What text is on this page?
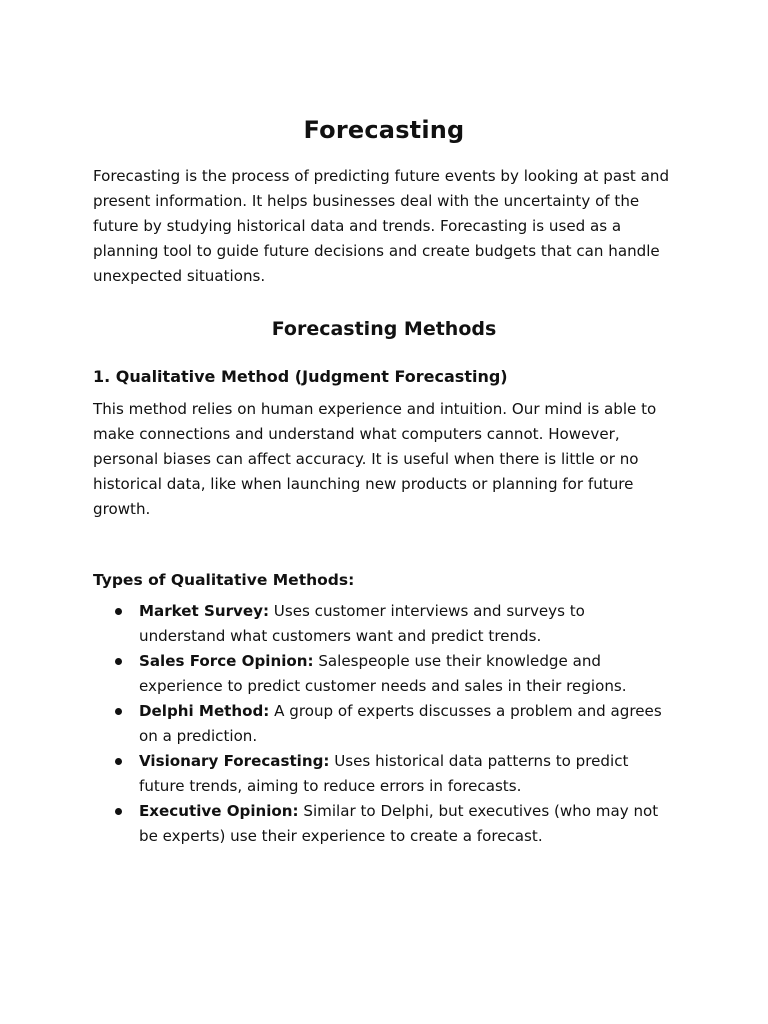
Forecasting

Forecasting is the process of predicting future events by looking at past and present information. It helps businesses deal with the uncertainty of the future by studying historical data and trends. Forecasting is used as a planning tool to guide future decisions and create budgets that can handle unexpected situations.

Forecasting Methods
1. Qualitative Method (Judgment Forecasting)

This method relies on human experience and intuition. Our mind is able to make connections and understand what computers cannot. However, personal biases can affect accuracy. It is useful when there is little or no historical data, like when launching new products or planning for future growth.

Types of Qualitative Methods:
Market Survey: Uses customer interviews and surveys to understand what customers want and predict trends.
Sales Force Opinion: Salespeople use their knowledge and experience to predict customer needs and sales in their regions.
Delphi Method: A group of experts discusses a problem and agrees on a prediction.
Visionary Forecasting: Uses historical data patterns to predict future trends, aiming to reduce errors in forecasts.
Executive Opinion: Similar to Delphi, but executives (who may not be experts) use their experience to create a forecast.
